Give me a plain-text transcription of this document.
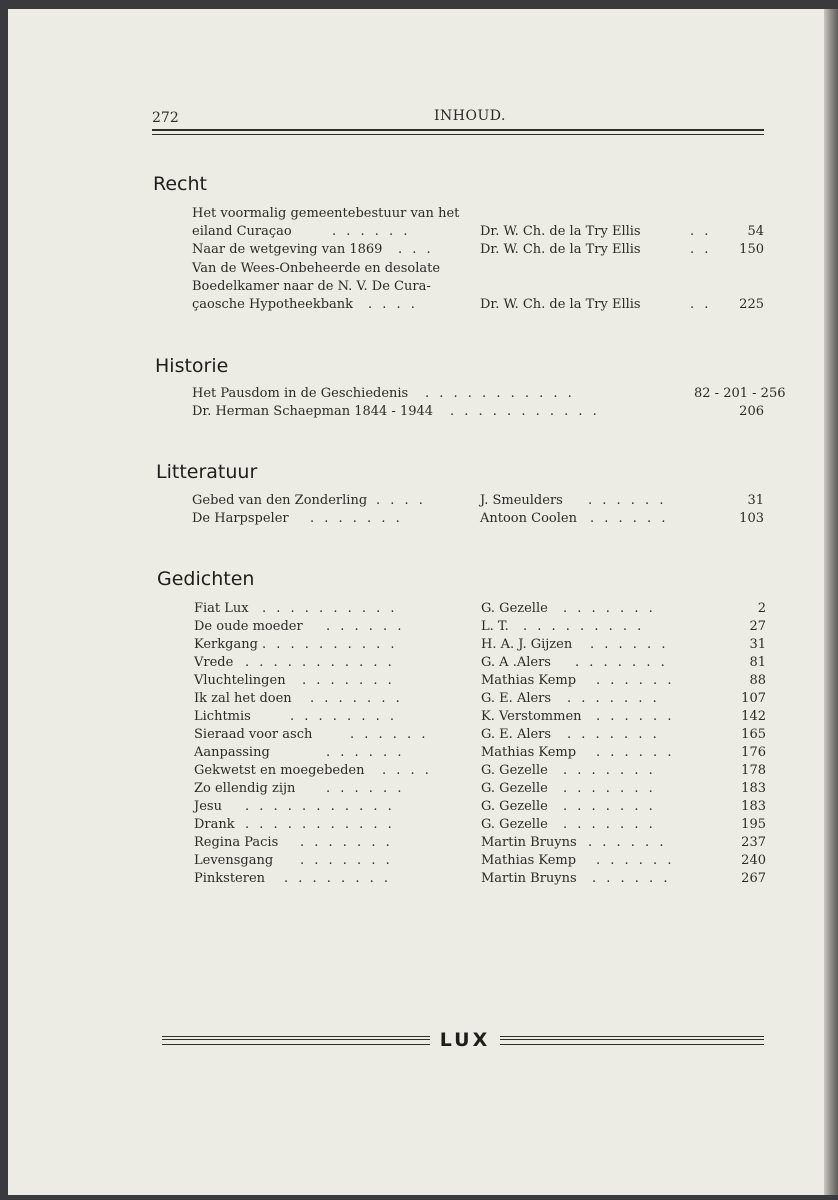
272	INHOUD.
Recht
Het voormalig gemeentebestuur van het
eiland Curaçao	. . . . . .	Dr. W. Ch. de la Try Ellis	. .	54
Naar de wetgeving van 1869 . . .	Dr. W. Ch. de la Try Ellis	. .	150
Van de Wees-Onbeheerde en desolate
Boedelkamer naar de N. V. De Cura-
çaosche Hypotheekbank . . . .	Dr. W. Ch. de la Try Ellis	. .	225
Historie
Het Pausdom in de Geschiedenis . . . . . . . . . . .	82 - 201 - 256
Dr. Herman Schaepman 1844 - 1944 . . . . . . . . . . .	206
Litteratuur
Gebed van den Zonderling . . . .	J. Smeulders . . . . . .	31
De Harpspeler . . . . . . .	Antoon Coolen . . . . . .	103
Gedichten
Fiat Lux . . . . . . . . . .	G. Gezelle . . . . . . .	2
De oude moeder . . . . . .	L. T. . . . . . . . . .	27
Kerkgang . . . . . . . . . .	H. A. J. Gijzen . . . . . .	31
Vrede . . . . . . . . . . .	G. A .Alers . . . . . . .	81
Vluchtelingen . . . . . . .	Mathias Kemp . . . . . .	88
Ik zal het doen . . . . . . .	G. E. Alers . . . . . . .	107
Lichtmis	. . . . . . . .	K. Verstommen . . . . . .	142
Sieraad voor asch	. . . . . .	G. E. Alers . . . . . . .	165
Aanpassing	. . . . . .	Mathias Kemp . . . . . .	176
Gekwetst en moegebeden . . . .	G. Gezelle . . . . . . .	178
Zo ellendig zijn . . . . . .	G. Gezelle . . . . . . .	183
Jesu . . . . . . . . . . .	G. Gezelle . . . . . . .	183
Drank . . . . . . . . . . .	G. Gezelle . . . . . . .	195
Regina Pacis . . . . . . .	Martin Bruyns . . . . . .	237
Levensgang . . . . . . .	Mathias Kemp . . . . . .	240
Pinksteren . . . . . . . .	Martin Bruyns . . . . . .	267
LUX
